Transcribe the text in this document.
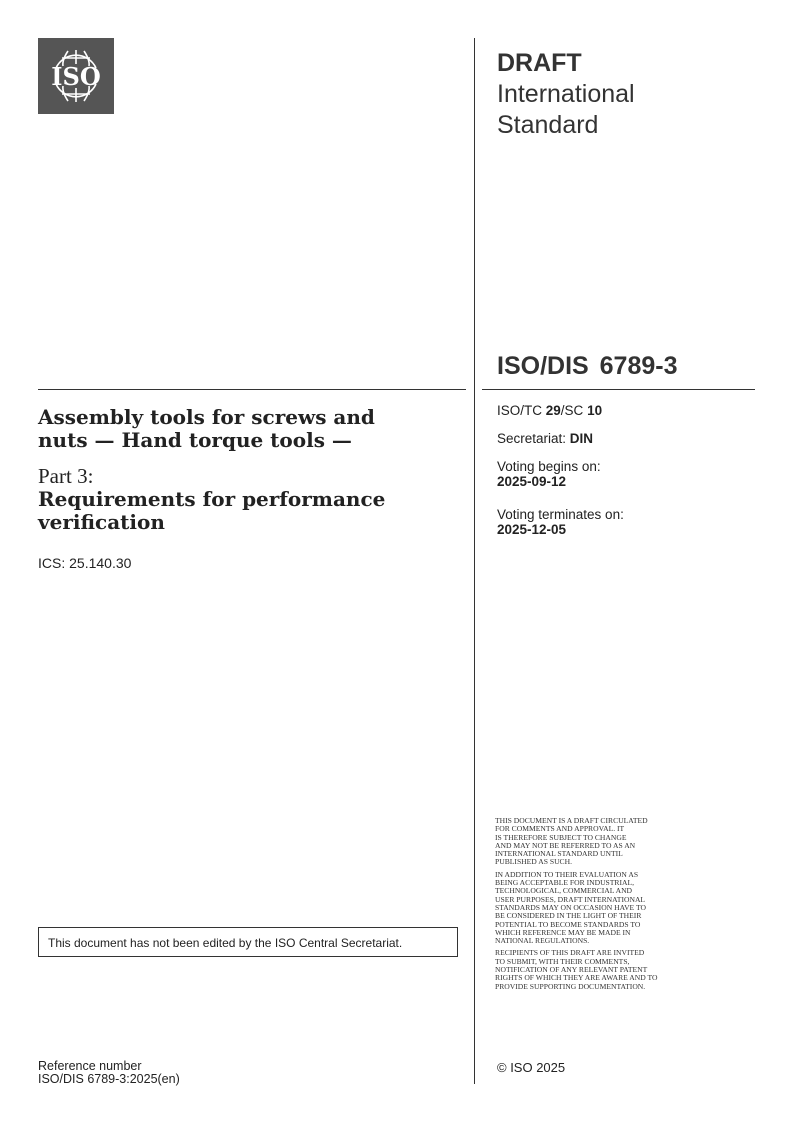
ISO	DRAFT
International
Standard
ISO/DIS 6789-3
Assembly tools for screws and nuts — Hand torque tools —
Part 3:
Requirements for performance verification
ICS: 25.140.30
ISO/TC 29/SC 10
Secretariat: DIN
Voting begins on:
2025-09-12
Voting terminates on:
2025-12-05
This document has not been edited by the ISO Central Secretariat.

THIS DOCUMENT IS A DRAFT CIRCULATED
FOR COMMENTS AND APPROVAL. IT
IS THEREFORE SUBJECT TO CHANGE
AND MAY NOT BE REFERRED TO AS AN
INTERNATIONAL STANDARD UNTIL
PUBLISHED AS SUCH.

IN ADDITION TO THEIR EVALUATION AS
BEING ACCEPTABLE FOR INDUSTRIAL,
TECHNOLOGICAL, COMMERCIAL AND
USER PURPOSES, DRAFT INTERNATIONAL
STANDARDS MAY ON OCCASION HAVE TO
BE CONSIDERED IN THE LIGHT OF THEIR
POTENTIAL TO BECOME STANDARDS TO
WHICH REFERENCE MAY BE MADE IN
NATIONAL REGULATIONS.

RECIPIENTS OF THIS DRAFT ARE INVITED
TO SUBMIT, WITH THEIR COMMENTS,
NOTIFICATION OF ANY RELEVANT PATENT
RIGHTS OF WHICH THEY ARE AWARE AND TO
PROVIDE SUPPORTING DOCUMENTATION.

© ISO 2025
Reference number
ISO/DIS 6789-3:2025(en)
